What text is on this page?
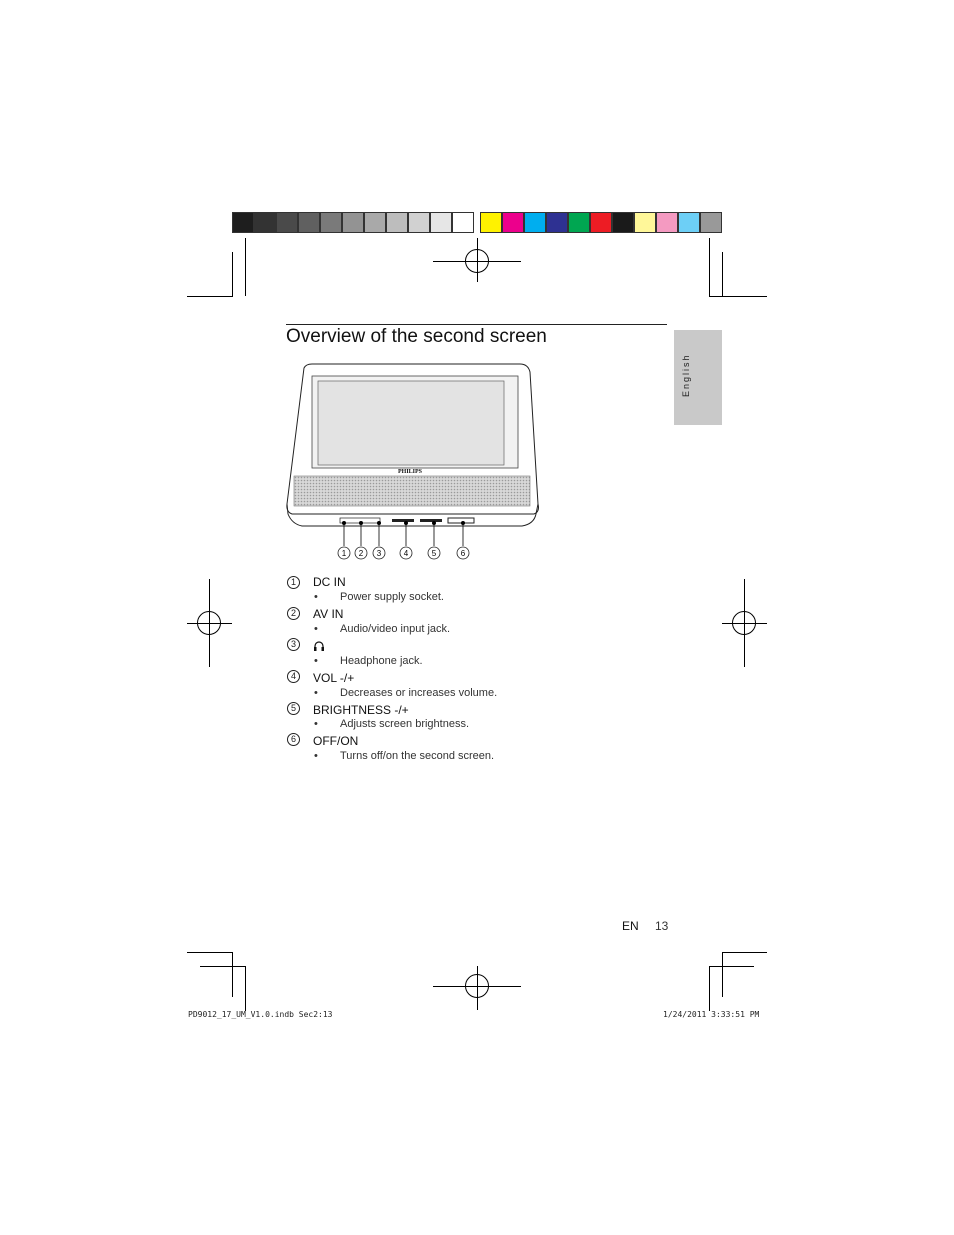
Overview of the second screen
English
PHILIPS
1 2 3	4	5	6
1	DC IN
• Power supply socket.
2	AV IN
• Audio/video input jack.
3
• Headphone jack.
4	VOL -/+
• Decreases or increases volume.
5	BRIGHTNESS -/+
• Adjusts screen brightness.
6	OFF/ON
• Turns off/on the second screen.
EN 13
PD9012_17_UM_V1.0.indb Sec2:13	1/24/2011 3:33:51 PM
